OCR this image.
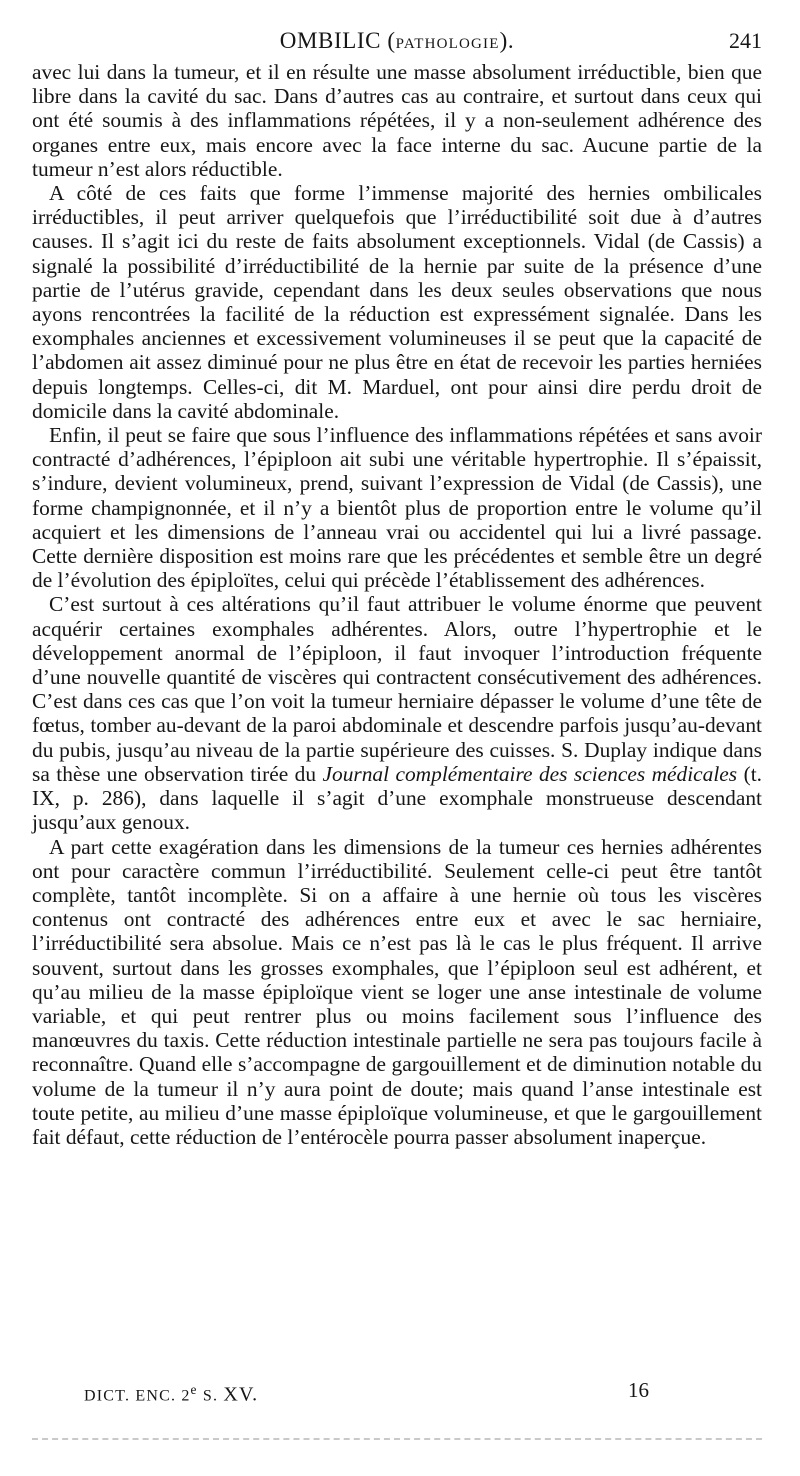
OMBILIC (PATHOLOGIE).	241

avec lui dans la tumeur, et il en résulte une masse absolument irréductible, bien que libre dans la cavité du sac. Dans d’autres cas au contraire, et surtout dans ceux qui ont été soumis à des inflammations répétées, il y a non-seulement adhérence des organes entre eux, mais encore avec la face interne du sac. Aucune partie de la tumeur n’est alors réductible.

A côté de ces faits que forme l’immense majorité des hernies ombilicales irréductibles, il peut arriver quelquefois que l’irréductibilité soit due à d’autres causes. Il s’agit ici du reste de faits absolument exceptionnels. Vidal (de Cassis) a signalé la possibilité d’irréductibilité de la hernie par suite de la présence d’une partie de l’utérus gravide, cependant dans les deux seules observations que nous ayons rencontrées la facilité de la réduction est expressément signalée. Dans les exomphales anciennes et excessivement volumineuses il se peut que la capacité de l’abdomen ait assez diminué pour ne plus être en état de recevoir les parties herniées depuis longtemps. Celles-ci, dit M. Marduel, ont pour ainsi dire perdu droit de domicile dans la cavité abdominale.

Enfin, il peut se faire que sous l’influence des inflammations répétées et sans avoir contracté d’adhérences, l’épiploon ait subi une véritable hypertrophie. Il s’épaissit, s’indure, devient volumineux, prend, suivant l’expression de Vidal (de Cassis), une forme champignonnée, et il n’y a bientôt plus de proportion entre le volume qu’il acquiert et les dimensions de l’anneau vrai ou accidentel qui lui a livré passage. Cette dernière disposition est moins rare que les précédentes et semble être un degré de l’évolution des épiploïtes, celui qui précède l’établissement des adhérences.

C’est surtout à ces altérations qu’il faut attribuer le volume énorme que peuvent acquérir certaines exomphales adhérentes. Alors, outre l’hypertrophie et le développement anormal de l’épiploon, il faut invoquer l’introduction fréquente d’une nouvelle quantité de viscères qui contractent consécutivement des adhérences. C’est dans ces cas que l’on voit la tumeur herniaire dépasser le volume d’une tête de fœtus, tomber au-devant de la paroi abdominale et descendre parfois jusqu’au-devant du pubis, jusqu’au niveau de la partie supérieure des cuisses. S. Duplay indique dans sa thèse une observation tirée du Journal complémentaire des sciences médicales (t. IX, p. 286), dans laquelle il s’agit d’une exomphale monstrueuse descendant jusqu’aux genoux.

A part cette exagération dans les dimensions de la tumeur ces hernies adhérentes ont pour caractère commun l’irréductibilité. Seulement celle-ci peut être tantôt complète, tantôt incomplète. Si on a affaire à une hernie où tous les viscères contenus ont contracté des adhérences entre eux et avec le sac herniaire, l’irréductibilité sera absolue. Mais ce n’est pas là le cas le plus fréquent. Il arrive souvent, surtout dans les grosses exomphales, que l’épiploon seul est adhérent, et qu’au milieu de la masse épiploïque vient se loger une anse intestinale de volume variable, et qui peut rentrer plus ou moins facilement sous l’influence des manœuvres du taxis. Cette réduction intestinale partielle ne sera pas toujours facile à reconnaître. Quand elle s’accompagne de gargouillement et de diminution notable du volume de la tumeur il n’y aura point de doute; mais quand l’anse intestinale est toute petite, au milieu d’une masse épiploïque volumineuse, et que le gargouillement fait défaut, cette réduction de l’entérocèle pourra passer absolument inaperçue.

DICT. ENC. 2e S. XV.	16
